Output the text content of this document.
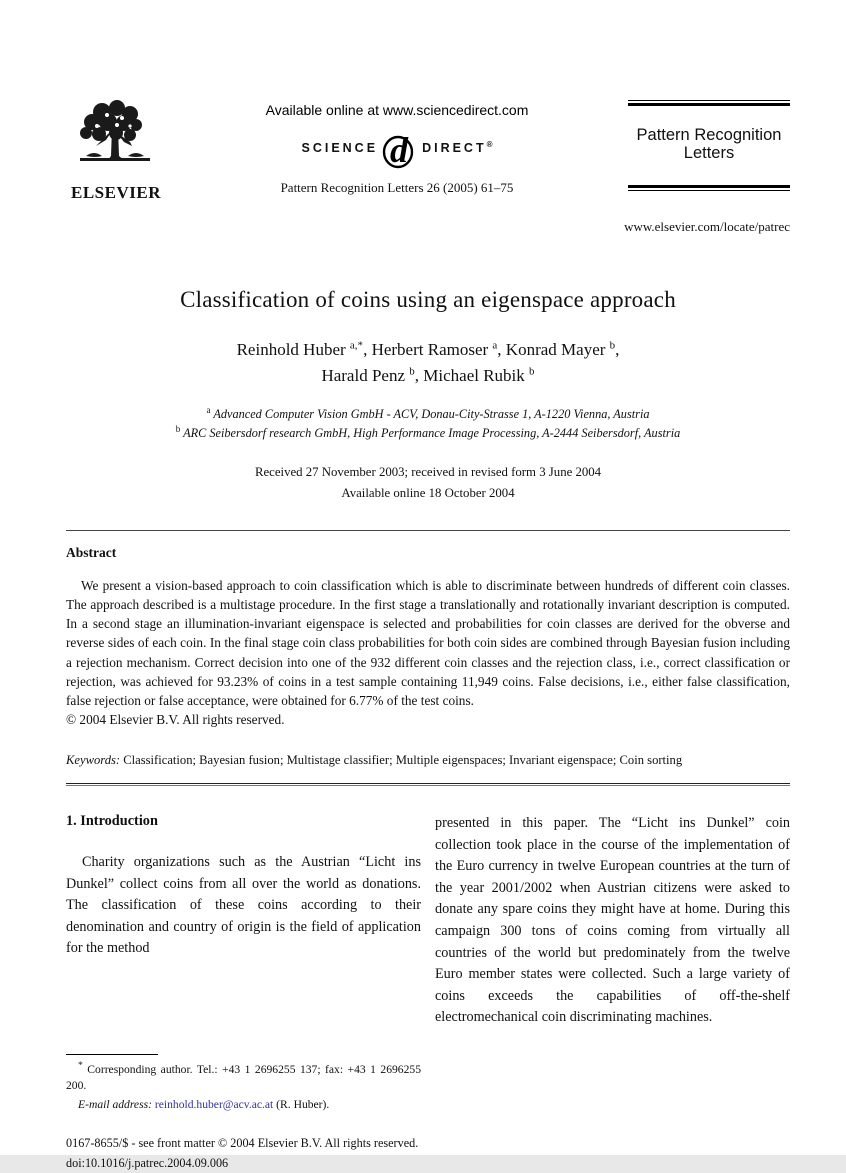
ELSEVIER
Available online at www.sciencedirect.com
SCIENCE d DIRECT®
Pattern Recognition Letters 26 (2005) 61–75
Pattern Recognition
Letters
www.elsevier.com/locate/patrec
Classification of coins using an eigenspace approach
Reinhold Huber $^{a,*}$, Herbert Ramoser $^a$, Konrad Mayer $^b$,
Harald Penz $^b$, Michael Rubik $^b$
$^a$ Advanced Computer Vision GmbH - ACV, Donau-City-Strasse 1, A-1220 Vienna, Austria
$^b$ ARC Seibersdorf research GmbH, High Performance Image Processing, A-2444 Seibersdorf, Austria
Received 27 November 2003; received in revised form 3 June 2004
Available online 18 October 2004
Abstract

We present a vision-based approach to coin classification which is able to discriminate between hundreds of different coin classes. The approach described is a multistage procedure. In the first stage a translationally and rotationally invariant description is computed. In a second stage an illumination-invariant eigenspace is selected and probabilities for coin classes are derived for the obverse and reverse sides of each coin. In the final stage coin class probabilities for both coin sides are combined through Bayesian fusion including a rejection mechanism. Correct decision into one of the 932 different coin classes and the rejection class, i.e., correct classification or rejection, was achieved for 93.23% of coins in a test sample containing 11,949 coins. False decisions, i.e., either false classification, false rejection or false acceptance, were obtained for 6.77% of the test coins.

© 2004 Elsevier B.V. All rights reserved.

Keywords: Classification; Bayesian fusion; Multistage classifier; Multiple eigenspaces; Invariant eigenspace; Coin sorting

1. Introduction

Charity organizations such as the Austrian “Licht ins Dunkel” collect coins from all over the world as donations. The classification of these coins according to their denomination and country of origin is the field of application for the method

* Corresponding author. Tel.: +43 1 2696255 137; fax: +43 1 2696255 200.

E-mail address: reinhold.huber@acv.ac.at (R. Huber).

presented in this paper. The “Licht ins Dunkel” coin collection took place in the course of the implementation of the Euro currency in twelve European countries at the turn of the year 2001/2002 when Austrian citizens were asked to donate any spare coins they might have at home. During this campaign 300 tons of coins coming from virtually all countries of the world but predominately from the twelve Euro member states were collected. Such a large variety of coins exceeds the capabilities of off-the-shelf electromechanical coin discriminating machines.

0167-8655/$ - see front matter © 2004 Elsevier B.V. All rights reserved.

doi:10.1016/j.patrec.2004.09.006
